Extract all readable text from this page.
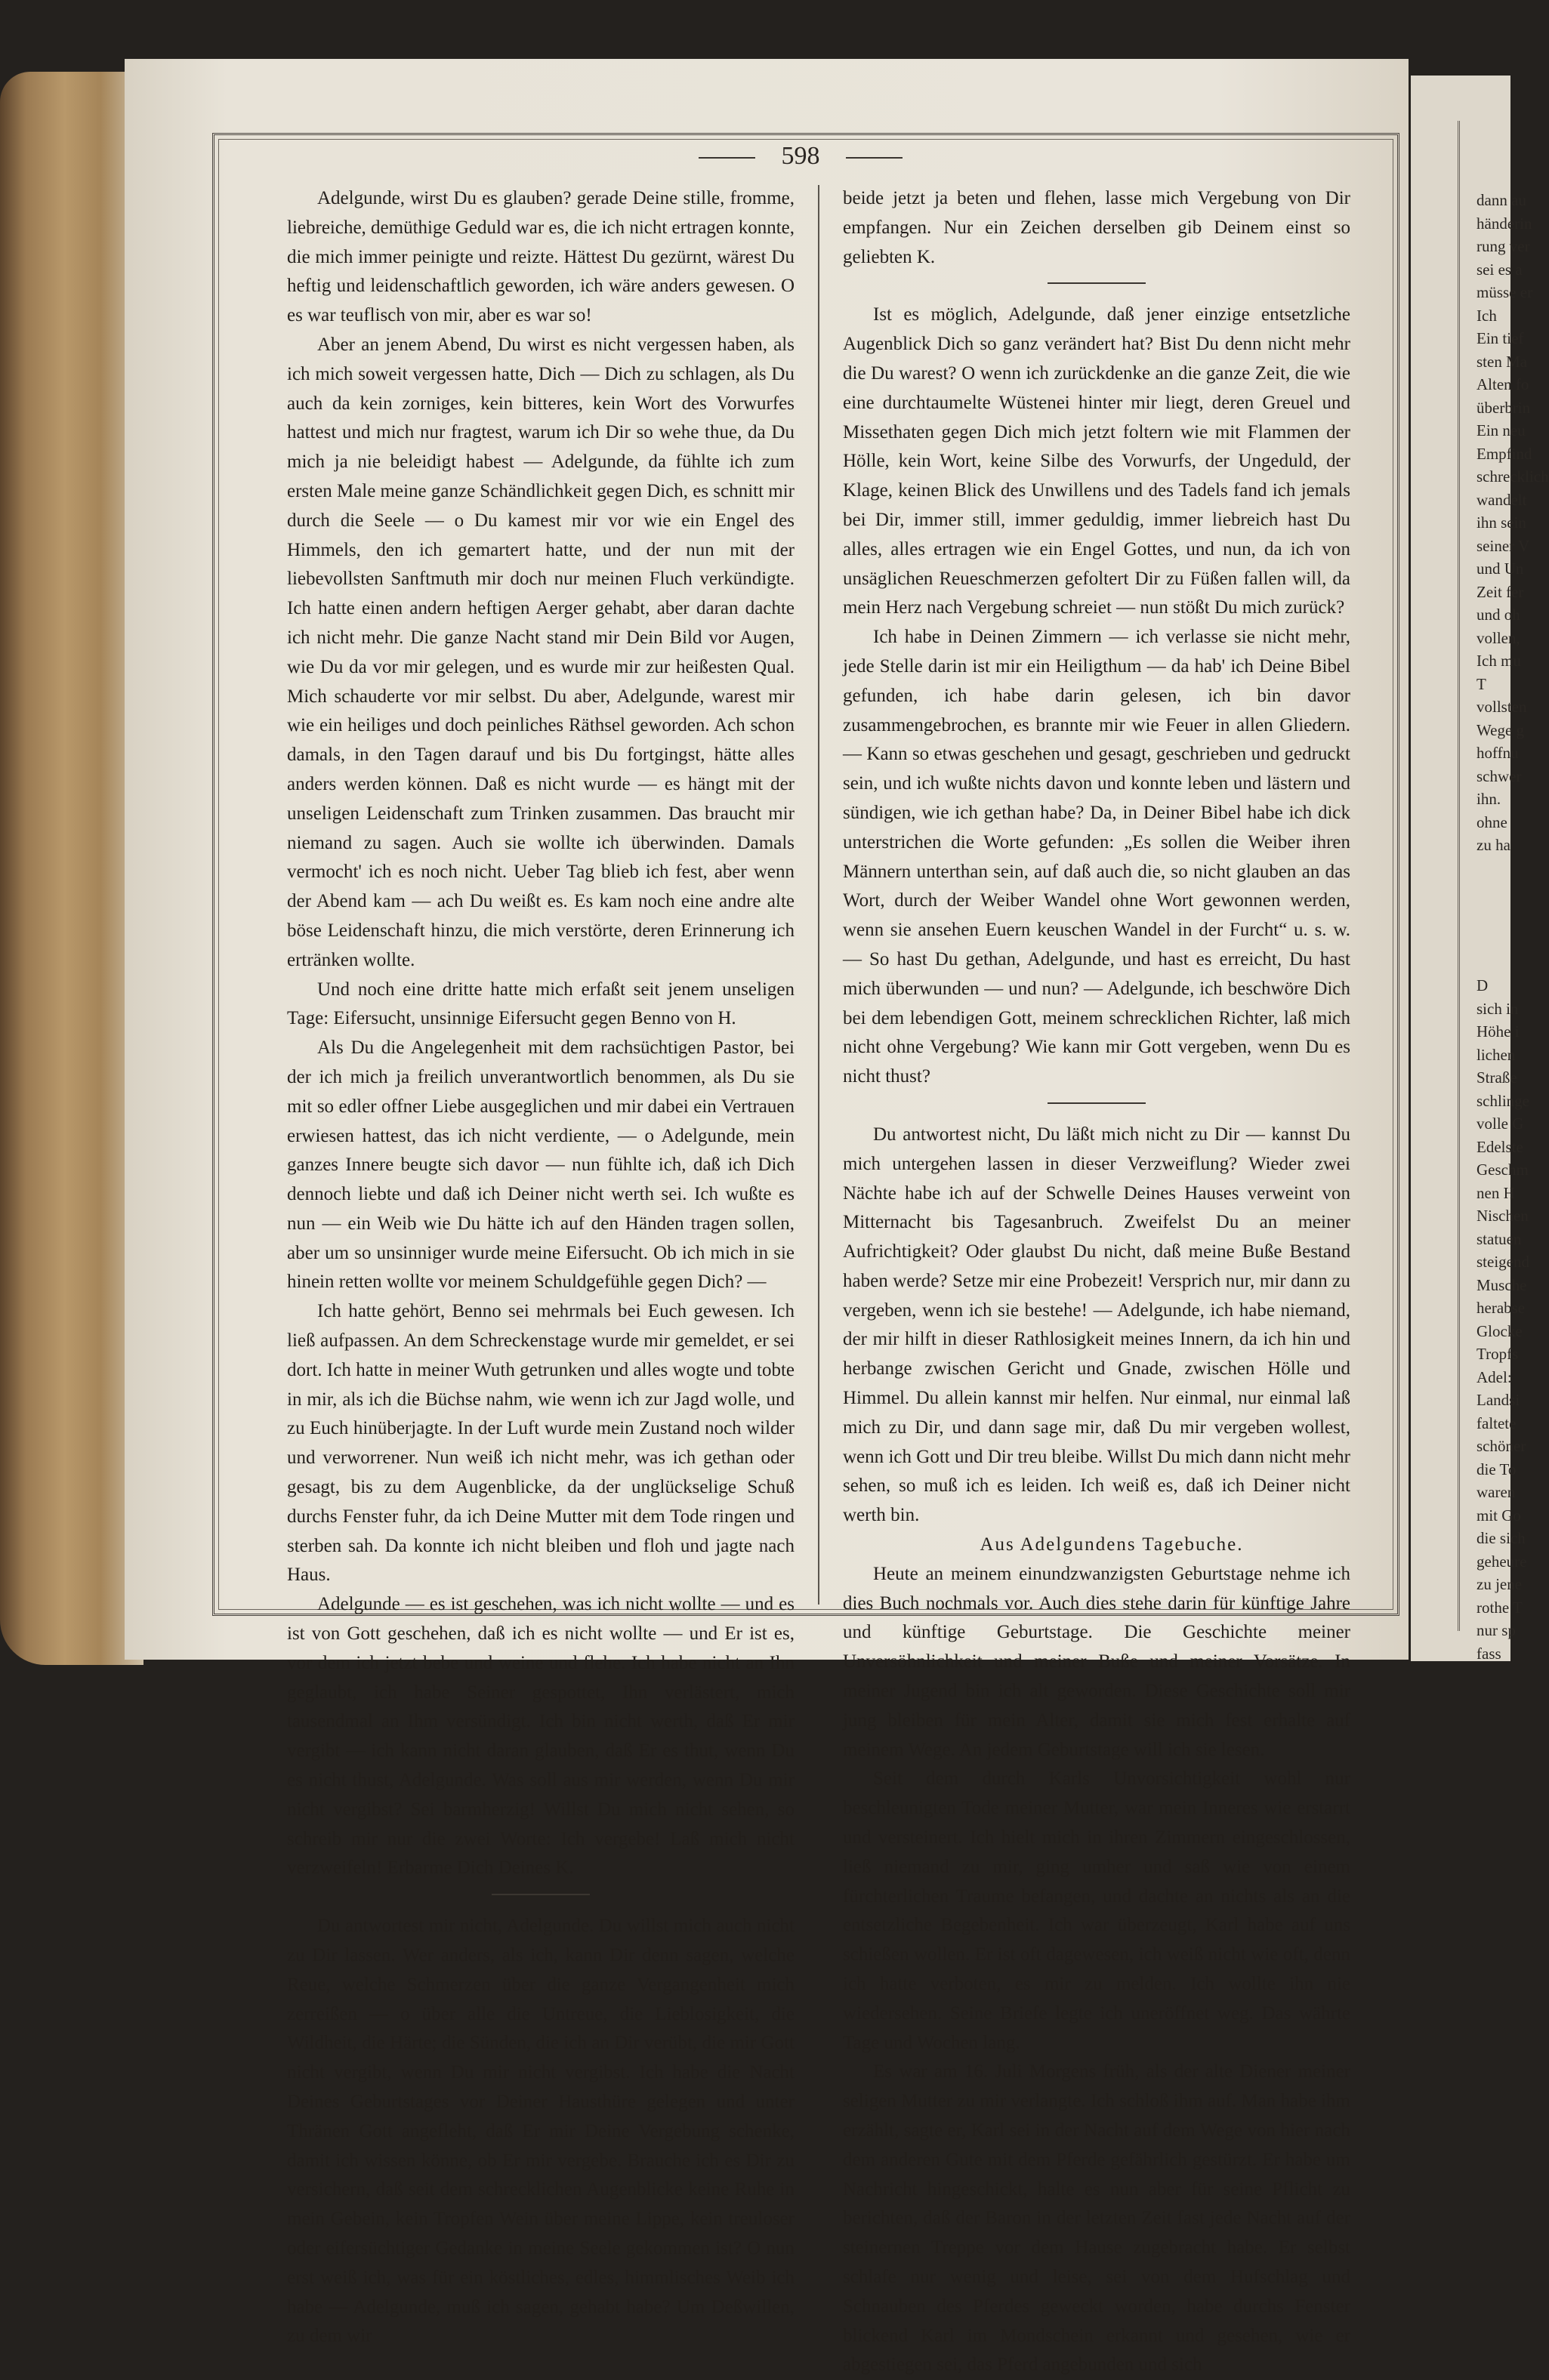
598

Adelgunde, wirst Du es glauben? gerade Deine stille, fromme, liebreiche, demüthige Geduld war es, die ich nicht ertragen konnte, die mich immer peinigte und reizte. Hättest Du gezürnt, wärest Du heftig und leidenschaftlich geworden, ich wäre anders gewesen. O es war teuflisch von mir, aber es war so!

Aber an jenem Abend, Du wirst es nicht vergessen haben, als ich mich soweit vergessen hatte, Dich — Dich zu schlagen, als Du auch da kein zorniges, kein bitteres, kein Wort des Vorwurfes hattest und mich nur fragtest, warum ich Dir so wehe thue, da Du mich ja nie beleidigt habest — Adelgunde, da fühlte ich zum ersten Male meine ganze Schändlichkeit gegen Dich, es schnitt mir durch die Seele — o Du kamest mir vor wie ein Engel des Himmels, den ich gemartert hatte, und der nun mit der liebevollsten Sanftmuth mir doch nur meinen Fluch verkündigte. Ich hatte einen andern heftigen Aerger gehabt, aber daran dachte ich nicht mehr. Die ganze Nacht stand mir Dein Bild vor Augen, wie Du da vor mir gelegen, und es wurde mir zur heißesten Qual. Mich schauderte vor mir selbst. Du aber, Adelgunde, warest mir wie ein heiliges und doch peinliches Räthsel geworden. Ach schon damals, in den Tagen darauf und bis Du fortgingst, hätte alles anders werden können. Daß es nicht wurde — es hängt mit der unseligen Leidenschaft zum Trinken zusammen. Das braucht mir niemand zu sagen. Auch sie wollte ich überwinden. Damals vermocht' ich es noch nicht. Ueber Tag blieb ich fest, aber wenn der Abend kam — ach Du weißt es. Es kam noch eine andre alte böse Leidenschaft hinzu, die mich verstörte, deren Erinnerung ich ertränken wollte.

Und noch eine dritte hatte mich erfaßt seit jenem unseligen Tage: Eifersucht, unsinnige Eifersucht gegen Benno von H.

Als Du die Angelegenheit mit dem rachsüchtigen Pastor, bei der ich mich ja freilich unverantwortlich benommen, als Du sie mit so edler offner Liebe ausgeglichen und mir dabei ein Vertrauen erwiesen hattest, das ich nicht verdiente, — o Adelgunde, mein ganzes Innere beugte sich davor — nun fühlte ich, daß ich Dich dennoch liebte und daß ich Deiner nicht werth sei. Ich wußte es nun — ein Weib wie Du hätte ich auf den Händen tragen sollen, aber um so unsinniger wurde meine Eifersucht. Ob ich mich in sie hinein retten wollte vor meinem Schuldgefühle gegen Dich? —

Ich hatte gehört, Benno sei mehrmals bei Euch gewesen. Ich ließ aufpassen. An dem Schreckenstage wurde mir gemeldet, er sei dort. Ich hatte in meiner Wuth getrunken und alles wogte und tobte in mir, als ich die Büchse nahm, wie wenn ich zur Jagd wolle, und zu Euch hinüberjagte. In der Luft wurde mein Zustand noch wilder und verworrener. Nun weiß ich nicht mehr, was ich gethan oder gesagt, bis zu dem Augenblicke, da der unglückselige Schuß durchs Fenster fuhr, da ich Deine Mutter mit dem Tode ringen und sterben sah. Da konnte ich nicht bleiben und floh und jagte nach Haus.

Adelgunde — es ist geschehen, was ich nicht wollte — und es ist von Gott geschehen, daß ich es nicht wollte — und Er ist es, vor dem ich jetzt bebe und weine und flehe. Ich habe nicht an Ihn geglaubt, ich habe Seiner gespottet, Ihn verlästert, mich tausendmal an Ihm versündigt. Ich bin nicht werth, daß Er mir vergibt — ich kann nicht daran glauben, daß Er es thut, wenn Du es nicht thust, Adelgunde. Was soll aus mir werden, wenn Du mir nicht vergibst? Sei barmherzig! Willst Du mich nicht sehen, so schreib mir nur die zwei Worte: Ich vergebe! Laß mich nicht verzweifeln! Erbarme Dich Deines K.

Du antwortest mir nicht, Adelgunde. Du willst mich auch nicht zu Dir lassen. Wer anders, als ich, kann Dir denn sagen, welche Reue, welche Schmerzen über die ganze Vergangenheit mich zerreißen — o über alle die Untreue, die Lieblosigkeit, die Wildheit, die Härte; die Sünden, die ich an Dir verübt, die mir Gott nicht vergibt, wenn Du mir nicht vergibst. Ich habe die Nacht Deines Geburtstages vor Deiner Hausthüre gelegen und unter Thränen Gott angefleht, daß Er mir Deine Vergebung schenke, damit ich wissen könne, ob Er mir vergebe. Brauche ich es Dir zu versichern, daß seit dem schrecklichen Augenblicke keine Ruhe in mein Gebein, kein Tropfen Wein über meine Lippe, kein treuloser oder eifersüchtiger Gedanke in meine Seele gekommen ist? O nun erst weiß ich, was für ein köstliches, edles, himmlisches Weib ich habe — Adelgunde, muß ich sagen, gehabt habe? Um Deßwillen, zu dem wir

beide jetzt ja beten und flehen, lasse mich Vergebung von Dir empfangen. Nur ein Zeichen derselben gib Deinem einst so geliebten K.

Ist es möglich, Adelgunde, daß jener einzige entsetzliche Augenblick Dich so ganz verändert hat? Bist Du denn nicht mehr die Du warest? O wenn ich zurückdenke an die ganze Zeit, die wie eine durchtaumelte Wüstenei hinter mir liegt, deren Greuel und Missethaten gegen Dich mich jetzt foltern wie mit Flammen der Hölle, kein Wort, keine Silbe des Vorwurfs, der Ungeduld, der Klage, keinen Blick des Unwillens und des Tadels fand ich jemals bei Dir, immer still, immer geduldig, immer liebreich hast Du alles, alles ertragen wie ein Engel Gottes, und nun, da ich von unsäglichen Reueschmerzen gefoltert Dir zu Füßen fallen will, da mein Herz nach Vergebung schreiet — nun stößt Du mich zurück?

Ich habe in Deinen Zimmern — ich verlasse sie nicht mehr, jede Stelle darin ist mir ein Heiligthum — da hab' ich Deine Bibel gefunden, ich habe darin gelesen, ich bin davor zusammengebrochen, es brannte mir wie Feuer in allen Gliedern. — Kann so etwas geschehen und gesagt, geschrieben und gedruckt sein, und ich wußte nichts davon und konnte leben und lästern und sündigen, wie ich gethan habe? Da, in Deiner Bibel habe ich dick unterstrichen die Worte gefunden: „Es sollen die Weiber ihren Männern unterthan sein, auf daß auch die, so nicht glauben an das Wort, durch der Weiber Wandel ohne Wort gewonnen werden, wenn sie ansehen Euern keuschen Wandel in der Furcht“ u. s. w. — So hast Du gethan, Adelgunde, und hast es erreicht, Du hast mich überwunden — und nun? — Adelgunde, ich beschwöre Dich bei dem lebendigen Gott, meinem schrecklichen Richter, laß mich nicht ohne Vergebung? Wie kann mir Gott vergeben, wenn Du es nicht thust?

Du antwortest nicht, Du läßt mich nicht zu Dir — kannst Du mich untergehen lassen in dieser Verzweiflung? Wieder zwei Nächte habe ich auf der Schwelle Deines Hauses verweint von Mitternacht bis Tagesanbruch. Zweifelst Du an meiner Aufrichtigkeit? Oder glaubst Du nicht, daß meine Buße Bestand haben werde? Setze mir eine Probezeit! Versprich nur, mir dann zu vergeben, wenn ich sie bestehe! — Adelgunde, ich habe niemand, der mir hilft in dieser Rathlosigkeit meines Innern, da ich hin und herbange zwischen Gericht und Gnade, zwischen Hölle und Himmel. Du allein kannst mir helfen. Nur einmal, nur einmal laß mich zu Dir, und dann sage mir, daß Du mir vergeben wollest, wenn ich Gott und Dir treu bleibe. Willst Du mich dann nicht mehr sehen, so muß ich es leiden. Ich weiß es, daß ich Deiner nicht werth bin.

Aus Adelgundens Tagebuche.

Heute an meinem einundzwanzigsten Geburtstage nehme ich dies Buch nochmals vor. Auch dies stehe darin für künftige Jahre und künftige Geburtstage. Die Geschichte meiner Unversöhnlichkeit und meiner Buße und meiner Vorsätze. In meiner Jugend bin ich alt geworden. Diese Geschichte soll mir jung bleiben für mein Alter, damit sie mich fest erhalte auf meinem Wege. An jedem Geburtstage will ich sie lesen.

Seit dem durch Karls Unvorsichtigkeit wohl nur beschleunigten Tode meiner Mutter, war mein Inneres wie erstarrt und versteinert. Ich hielt mich in ihren Zimmern eingeschlossen, ließ niemand zu mir, ging umher und saß wie von einem fürchterlichen Traume befangen, und dachte an nichts als an die entsetzliche Begebenheit. Ich war überzeugt, Karl habe auf uns schießen wollen. Er ist oft dagewesen, ich weiß nicht wie oft, denn ich hatte verboten, es mir zu melden. Ich wollte ihn nie wiedersehen. Seine Briefe legte ich uneröffnet weg. Das währte Tage und Wochen lang.

Es war am 16. Juli Morgens früh, als der alte Diener meiner seligen Mutter zu mir verlangte. Ich schloß ihm auf. Man habe ihm erzählt, sagte er, Karl sei in der Nacht auf dem Wege von hier nach dem anderen Gute mit dem Pferde gefährlich gestürzt. Er habe um Nachricht hingeschickt, halte es nun aber für seine Pflicht zu berichten, daß der Baron in der letzten Zeit fast jede Nacht auf der steinernen Treppe vor dem Hause zugebracht habe. Er selbst schlafe nur wenig und leise, sei von dem Hufschlag und Schnauben des Pferdes geweckt worden, habe durchs Fenster blickend Karl im Mondschein erkannt und gesehen, wie er abgestiegen sei, das Pferd angebunden und sich

dann au
händerin
rung ver
sei es a
müsse er
Ich
Ein tief
sten Ma
Alten fo
überbrin
Ein neu
Empfind
schrecklich
wandelt
ihn sein
seiner V
und Un
Zeit fer
und oh
vollen,
Ich mu
T
vollsten
Wege g
hoffnu
schwer
ihn.
ohne
zu ha
D
sich in
Höhe i
lichen
Straße
schlinge
volle G
Edelste
Geschm
nen H
Nischen
statuen
steigend
Musche
herabse
Glocke
Tropfs
Adel:
Landsi
faltete
schöner
die To
waren
mit Go
die sich
geheure
zu jene
rothe T
nur sp
fass
